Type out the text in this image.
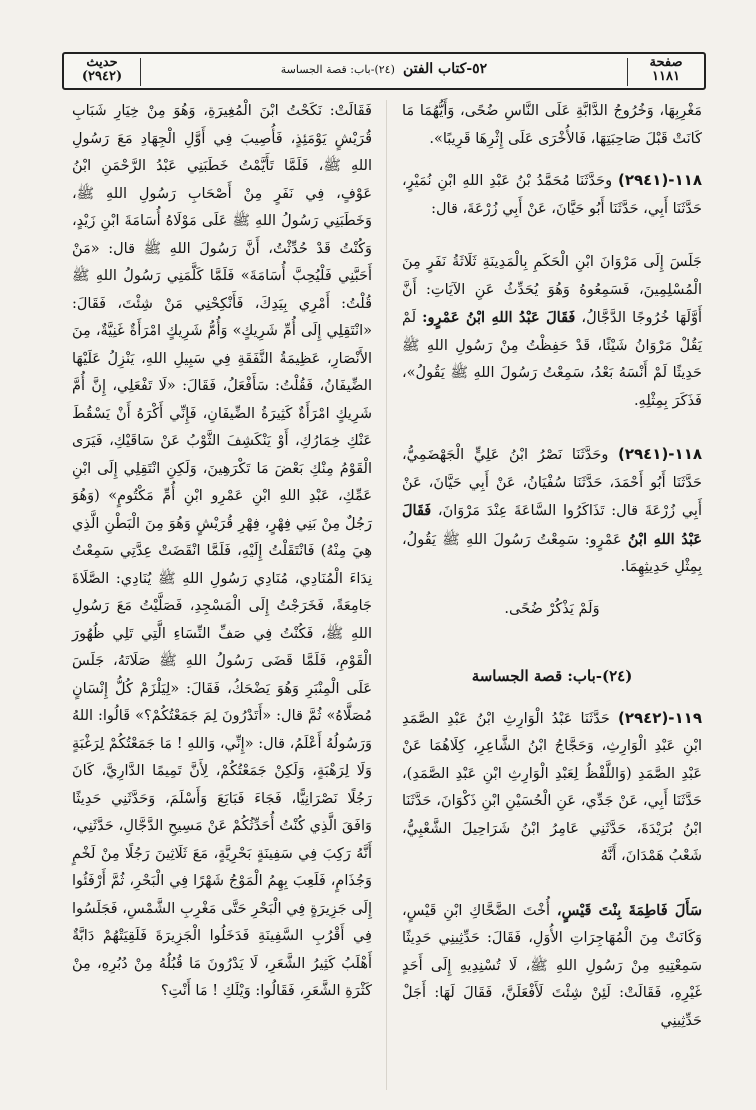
صفحة
١١٨١
٥٢-كتاب الفتن (٢٤)-باب: قصة الجساسة
حديث
(٢٩٤٢)

مَغْرِبِهَا، وَخُرُوجُ الدَّابَّةِ عَلَى النَّاسِ ضُحًى، وَأَيُّهُمَا مَا كَانَتْ قَبْلَ صَاحِبَتِهَا، فَالأُخْرَى عَلَى إِثْرِهَا قَرِيبًا».

١١٨-(٢٩٤١) وحَدَّثَنَا مُحَمَّدُ بْنُ عَبْدِ اللهِ ابْنِ نُمَيْرٍ، حَدَّثَنَا أَبِي، حَدَّثَنَا أَبُو حَيَّانَ، عَنْ أَبِي زُرْعَةَ، قال:

جَلَسَ إِلَى مَرْوَانَ ابْنِ الْحَكَمِ بِالْمَدِينَةِ ثَلَاثَةُ نَفَرٍ مِنَ الْمُسْلِمِينَ، فَسَمِعُوهُ وَهُوَ يُحَدِّثُ عَنِ الآيَاتِ: أَنَّ أَوَّلَهَا خُرُوجًا الدَّجَّالُ، فَقَالَ عَبْدُ اللهِ ابْنُ عَمْرٍو: لَمْ يَقُلْ مَرْوَانُ شَيْئًا، قَدْ حَفِظْتُ مِنْ رَسُولِ اللهِ ﷺ حَدِيثًا لَمْ أَنْسَهُ بَعْدُ، سَمِعْتُ رَسُولَ اللهِ ﷺ يَقُولُ»، فَذَكَرَ بِمِثْلِهِ.

١١٨-(٢٩٤١) وحَدَّثَنَا نَصْرُ ابْنُ عَلِيٍّ الْجَهْضَمِيُّ، حَدَّثَنَا أَبُو أَحْمَدَ، حَدَّثَنَا سُفْيَانُ، عَنْ أَبِي حَيَّانَ، عَنْ أَبِي زُرْعَةَ قال: تَذَاكَرُوا السَّاعَةَ عِنْدَ مَرْوَانَ، فَقَالَ عَبْدُ اللهِ ابْنُ عَمْرٍو: سَمِعْتُ رَسُولَ اللهِ ﷺ يَقُولُ، بِمِثْلِ حَدِيثِهِمَا.

وَلَمْ يَذْكُرْ ضُحًى.

(٢٤)-باب: قصة الجساسة

١١٩-(٢٩٤٢) حَدَّثَنَا عَبْدُ الْوَارِثِ ابْنُ عَبْدِ الصَّمَدِ ابْنِ عَبْدِ الْوَارِثِ، وَحَجَّاجُ ابْنُ الشَّاعِرِ، كِلَاهُمَا عَنْ عَبْدِ الصَّمَدِ (وَاللَّفْظُ لِعَبْدِ الْوَارِثِ ابْنِ عَبْدِ الصَّمَدِ)، حَدَّثَنَا أَبِي، عَنْ جَدِّي، عَنِ الْحُسَيْنِ ابْنِ ذَكْوَانَ، حَدَّثَنَا ابْنُ بُرَيْدَةَ، حَدَّثَنِي عَامِرُ ابْنُ شَرَاحِيلَ الشَّعْبِيُّ، شَعْبُ هَمْدَانَ، أَنَّهُ

سَأَلَ فَاطِمَةَ بِنْتَ قَيْسٍ، أُخْتَ الضَّحَّاكِ ابْنِ قَيْسٍ، وَكَانَتْ مِنَ الْمُهَاجِرَاتِ الأُوَلِ، فَقَالَ: حَدِّثِينِي حَدِيثًا سَمِعْتِيهِ مِنْ رَسُولِ اللهِ ﷺ، لَا تُسْنِدِيهِ إِلَى أَحَدٍ غَيْرِهِ، فَقَالَتْ: لَئِنْ شِئْتَ لَأَفْعَلَنَّ، فَقَالَ لَهَا: أَجَلْ حَدِّثِينِي

فَقَالَتْ: نَكَحْتُ ابْنَ الْمُغِيرَةِ، وَهُوَ مِنْ خِيَارِ شَبَابِ قُرَيْشٍ يَوْمَئِذٍ، فَأُصِيبَ فِي أَوَّلِ الْجِهَادِ مَعَ رَسُولِ اللهِ ﷺ، فَلَمَّا تَأَيَّمْتُ خَطَبَنِي عَبْدُ الرَّحْمَنِ ابْنُ عَوْفٍ، فِي نَفَرٍ مِنْ أَصْحَابِ رَسُولِ اللهِ ﷺ، وَخَطَبَنِي رَسُولُ اللهِ ﷺ عَلَى مَوْلَاهُ أُسَامَةَ ابْنِ زَيْدٍ، وَكُنْتُ قَدْ حُدِّثْتُ، أَنَّ رَسُولَ اللهِ ﷺ قال: «مَنْ أَحَبَّنِي فَلْيُحِبَّ أُسَامَةَ» فَلَمَّا كَلَّمَنِي رَسُولُ اللهِ ﷺ قُلْتُ: أَمْرِي بِيَدِكَ، فَأَنْكِحْنِي مَنْ شِئْتَ، فَقَالَ: «انْتَقِلِي إِلَى أُمِّ شَرِيكٍ» وَأُمُّ شَرِيكٍ امْرَأَةٌ غَنِيَّةٌ، مِنَ الأَنْصَارِ، عَظِيمَةُ النَّفَقَةِ فِي سَبِيلِ اللهِ، يَنْزِلُ عَلَيْهَا الضِّيفَانُ، فَقُلْتُ: سَأَفْعَلُ، فَقَالَ: «لَا تَفْعَلِي، إِنَّ أُمَّ شَرِيكٍ امْرَأَةٌ كَثِيرَةُ الضِّيفَانِ، فَإِنِّي أَكْرَهُ أَنْ يَسْقُطَ عَنْكِ خِمَارُكِ، أَوْ يَنْكَشِفَ الثَّوْبُ عَنْ سَاقَيْكِ، فَيَرَى الْقَوْمُ مِنْكِ بَعْضَ مَا تَكْرَهِينَ، وَلَكِنِ انْتَقِلِي إِلَى ابْنِ عَمِّكِ، عَبْدِ اللهِ ابْنِ عَمْرِو ابْنِ أُمِّ مَكْتُومٍ» (وَهُوَ رَجُلٌ مِنْ بَنِي فِهْرٍ، فِهْرِ قُرَيْشٍ وَهُوَ مِنَ الْبَطْنِ الَّذِي هِيَ مِنْهُ) فَانْتَقَلْتُ إِلَيْهِ، فَلَمَّا انْقَضَتْ عِدَّتِي سَمِعْتُ نِدَاءَ الْمُنَادِي، مُنَادِي رَسُولِ اللهِ ﷺ يُنَادِي: الصَّلَاةَ جَامِعَةً، فَخَرَجْتُ إِلَى الْمَسْجِدِ، فَصَلَّيْتُ مَعَ رَسُولِ اللهِ ﷺ، فَكُنْتُ فِي صَفِّ النِّسَاءِ الَّتِي تَلِي ظُهُورَ الْقَوْمِ، فَلَمَّا قَضَى رَسُولُ اللهِ ﷺ صَلَاتَهُ، جَلَسَ عَلَى الْمِنْبَرِ وَهُوَ يَضْحَكُ، فَقَالَ: «لِيَلْزَمْ كُلُّ إِنْسَانٍ مُصَلَّاهُ» ثُمَّ قال: «أَتَدْرُونَ لِمَ جَمَعْتُكُمْ؟» قَالُوا: اللهُ وَرَسُولُهُ أَعْلَمُ، قال: «إِنِّي، وَاللهِ ! مَا جَمَعْتُكُمْ لِرَغْبَةٍ وَلَا لِرَهْبَةٍ، وَلَكِنْ جَمَعْتُكُمْ، لِأَنَّ تَمِيمًا الدَّارِيَّ، كَانَ رَجُلًا نَصْرَانِيًّا، فَجَاءَ فَبَايَعَ وَأَسْلَمَ، وَحَدَّثَنِي حَدِيثًا وَافَقَ الَّذِي كُنْتُ أُحَدِّثُكُمْ عَنْ مَسِيحِ الدَّجَّالِ، حَدَّثَنِي، أَنَّهُ رَكِبَ فِي سَفِينَةٍ بَحْرِيَّةٍ، مَعَ ثَلَاثِينَ رَجُلًا مِنْ لَخْمٍ وَجُذَامٍ، فَلَعِبَ بِهِمُ الْمَوْجُ شَهْرًا فِي الْبَحْرِ، ثُمَّ أَرْفَئُوا إِلَى جَزِيرَةٍ فِي الْبَحْرِ حَتَّى مَغْرِبِ الشَّمْسِ، فَجَلَسُوا فِي أَقْرُبِ السَّفِينَةِ فَدَخَلُوا الْجَزِيرَةَ فَلَقِيَتْهُمْ دَابَّةٌ أَهْلَبُ كَثِيرُ الشَّعَرِ، لَا يَدْرُونَ مَا قُبُلُهُ مِنْ دُبُرِهِ، مِنْ كَثْرَةِ الشَّعَرِ، فَقَالُوا: وَيْلَكِ ! مَا أَنْتِ؟
